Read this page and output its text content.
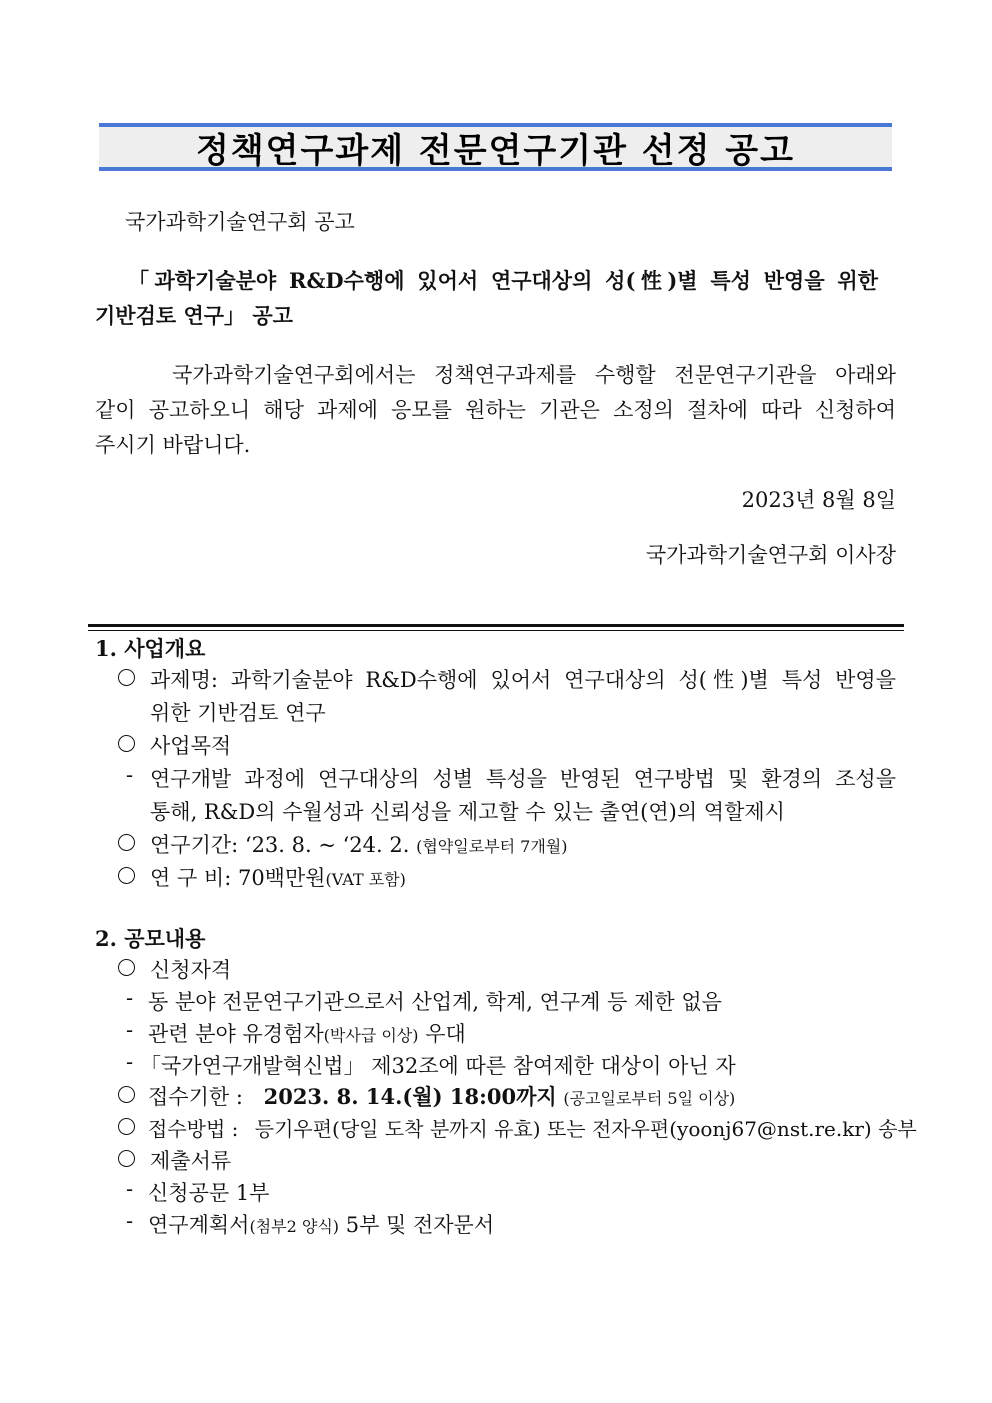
정책연구과제 전문연구기관 선정 공고
국가과학기술연구회 공고
「과학기술분야 R&D수행에 있어서 연구대상의 성(性)별 특성 반영을 위한
기반검토 연구」 공고
국가과학기술연구회에서는 정책연구과제를 수행할 전문연구기관을 아래와
같이 공고하오니 해당 과제에 응모를 원하는 기관은 소정의 절차에 따라 신청하여
주시기 바랍니다.
2023년 8월 8일
국가과학기술연구회 이사장
1. 사업개요
과제명: 과학기술분야 R&D수행에 있어서 연구대상의 성(性)별 특성 반영을
위한 기반검토 연구
사업목적
- 연구개발 과정에 연구대상의 성별 특성을 반영된 연구방법 및 환경의 조성을
통해, R&D의 수월성과 신뢰성을 제고할 수 있는 출연(연)의 역할제시
연구기간: ‘23. 8. ~ ‘24. 2. (협약일로부터 7개월)
연 구 비: 70백만원(VAT 포함)
2. 공모내용
신청자격
- 동 분야 전문연구기관으로서 산업계, 학계, 연구계 등 제한 없음
- 관련 분야 유경험자(박사급 이상) 우대
- 「국가연구개발혁신법」 제32조에 따른 참여제한 대상이 아닌 자
접수기한 : 2023. 8. 14.(월) 18:00까지 (공고일로부터 5일 이상)
접수방법 : 등기우편(당일 도착 분까지 유효) 또는 전자우편(yoonj67@nst.re.kr) 송부
제출서류
- 신청공문 1부
- 연구계획서(첨부2 양식) 5부 및 전자문서
